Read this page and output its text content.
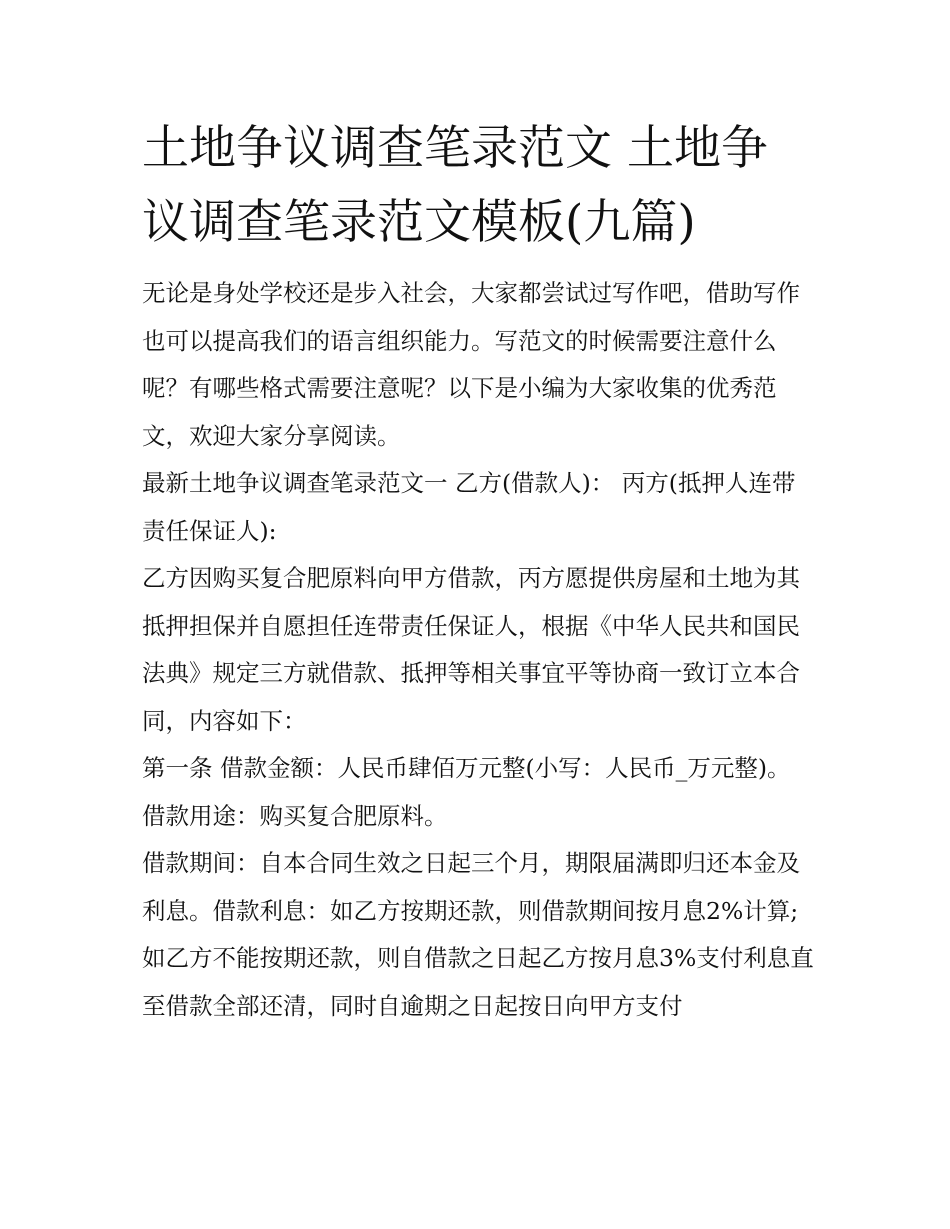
土地争议调查笔录范文 土地争议调查笔录范文模板(九篇)

无论是身处学校还是步入社会，大家都尝试过写作吧，借助写作也可以提高我们的语言组织能力。写范文的时候需要注意什么呢？有哪些格式需要注意呢？以下是小编为大家收集的优秀范文，欢迎大家分享阅读。

最新土地争议调查笔录范文一 乙方(借款人)： 丙方(抵押人连带责任保证人):

乙方因购买复合肥原料向甲方借款，丙方愿提供房屋和土地为其抵押担保并自愿担任连带责任保证人，根据《中华人民共和国民法典》规定三方就借款、抵押等相关事宜平等协商一致订立本合同，内容如下：

第一条 借款金额：人民币肆佰万元整(小写：人民币_万元整)。 借款用途：购买复合肥原料。

借款期间：自本合同生效之日起三个月，期限届满即归还本金及利息。借款利息：如乙方按期还款，则借款期间按月息2%计算;如乙方不能按期还款，则自借款之日起乙方按月息3%支付利息直至借款全部还清，同时自逾期之日起按日向甲方支付
